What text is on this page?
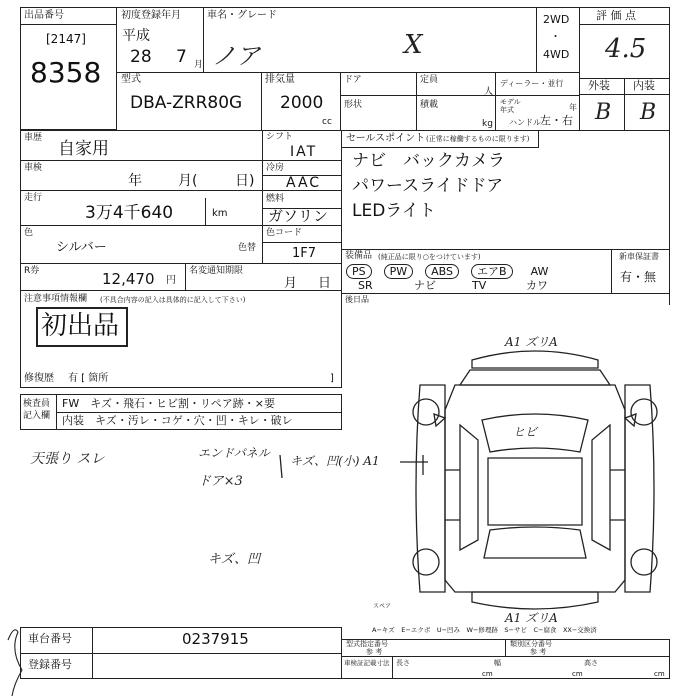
出品番号
[2147]
8358
初度登録年月
平成
28 7 月
車名・グレード
ノア	X
2WD
・
4WD
評 価 点
4.5
外装 内装
B B
型式
DBA-ZRR80G
排気量
2000
cc
ドア
形状
定員
人
積載
kg
ディーラー・並行
モデル年式	年
ハンドル 左・右
車歴
自家用
シフト
IAT
車検
年	月(	日)
冷房
AAC
走行
3万4千640	km
燃料
ガソリン
色
シルバー	色替
色コード
1F7
R券	12,470 円
名変通知期限
月 日
セールスポイント (正常に稼働するものに限ります)
ナビ　バックカメラ
パワースライドドア
LEDライト
装備品 (純正品に限り○をつけています)
PS	PW	ABS	エアB	AW
SR	ナビ	TV	カワ
新車保証書
有・無
注意事項情報欄 (不具合内容の記入は具体的に記入して下さい)
初出品
修復歴 有 [ 箇所	]
後日品
検査員記入欄
FW　キズ・飛石・ヒビ割・リペア跡・×要
内装　キズ・汚レ・コゲ・穴・凹・キレ・破レ
天張り スレ	エンドパネル
キズ、凹(小) A1
ドア×3
キズ、凹
A1 ズリA
ヒビ
A1 ズリA
スペア
A−キズ　E−エクボ　U−凹み　W−修理跡　S−サビ　C−腐食　XX−交換済
車台番号	0237915
登録番号
型式指定番号
参 考
類別区分番号
参 考
車検証記載寸法 長さ
cm
幅
cm
高さ
cm
